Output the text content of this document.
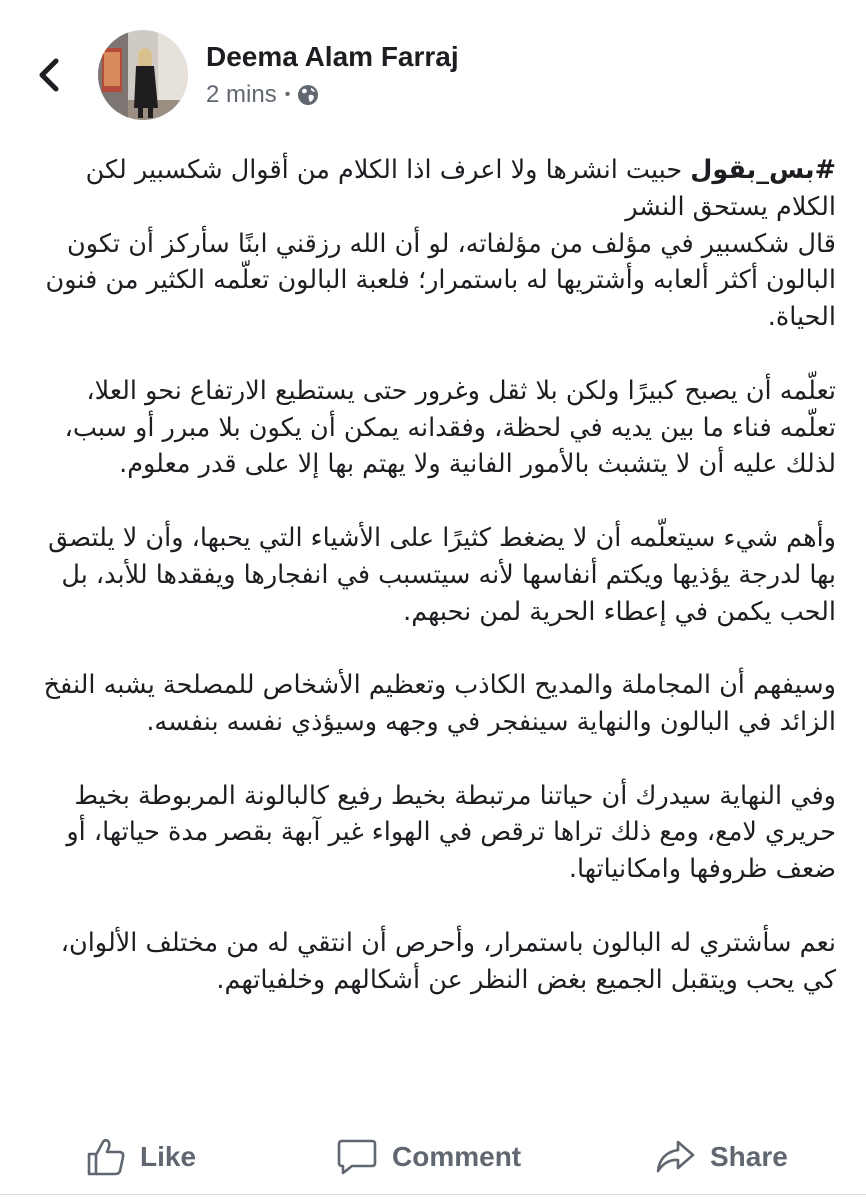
Deema Alam Farraj
2 mins •

#بس_بقول حبيت انشرها ولا اعرف اذا الكلام من أقوال شكسبير لكن الكلام يستحق النشر
قال شكسبير في مؤلف من مؤلفاته، لو أن الله رزقني ابنًا سأركز أن تكون البالون أكثر ألعابه وأشتريها له باستمرار؛ فلعبة البالون تعلّمه الكثير من فنون الحياة.

تعلّمه أن يصبح كبيرًا ولكن بلا ثقل وغرور حتى يستطيع الارتفاع نحو العلا، تعلّمه فناء ما بين يديه في لحظة، وفقدانه يمكن أن يكون بلا مبرر أو سبب، لذلك عليه أن لا يتشبث بالأمور الفانية ولا يهتم بها إلا على قدر معلوم.

وأهم شيء سيتعلّمه أن لا يضغط كثيرًا على الأشياء التي يحبها، وأن لا يلتصق بها لدرجة يؤذيها ويكتم أنفاسها لأنه سيتسبب في انفجارها ويفقدها للأبد، بل الحب يكمن في إعطاء الحرية لمن نحبهم.

وسيفهم أن المجاملة والمديح الكاذب وتعظيم الأشخاص للمصلحة يشبه النفخ الزائد في البالون والنهاية سينفجر في وجهه وسيؤذي نفسه بنفسه.

وفي النهاية سيدرك أن حياتنا مرتبطة بخيط رفيع كالبالونة المربوطة بخيط حريري لامع، ومع ذلك تراها ترقص في الهواء غير آبهة بقصر مدة حياتها، أو ضعف ظروفها وامكانياتها.

نعم سأشتري له البالون باستمرار، وأحرص أن انتقي له من مختلف الألوان، كي يحب ويتقبل الجميع بغض النظر عن أشكالهم وخلفياتهم.

Like	Comment	Share
